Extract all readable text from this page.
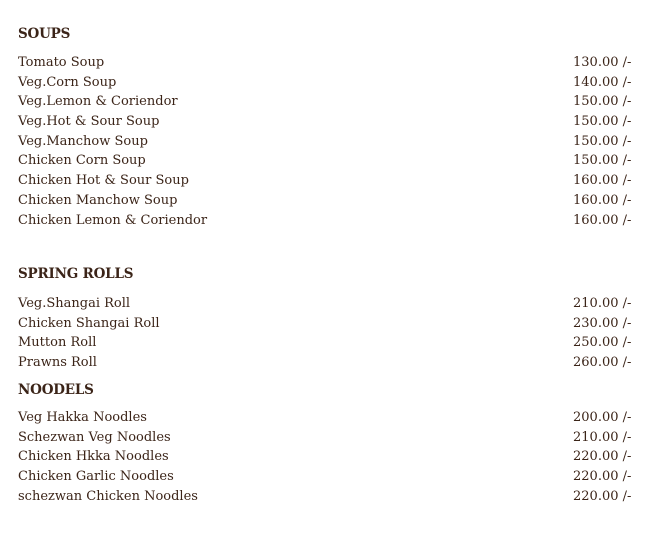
SOUPS
Tomato Soup	130.00 /-
Veg.Corn Soup	140.00 /-
Veg.Lemon & Coriendor	150.00 /-
Veg.Hot & Sour Soup	150.00 /-
Veg.Manchow Soup	150.00 /-
Chicken Corn Soup	150.00 /-
Chicken Hot & Sour Soup	160.00 /-
Chicken Manchow Soup	160.00 /-
Chicken Lemon & Coriendor	160.00 /-
SPRING ROLLS
Veg.Shangai Roll	210.00 /-
Chicken Shangai Roll	230.00 /-
Mutton Roll	250.00 /-
Prawns Roll	260.00 /-
NOODELS
Veg Hakka Noodles	200.00 /-
Schezwan Veg Noodles	210.00 /-
Chicken Hkka Noodles	220.00 /-
Chicken Garlic Noodles	220.00 /-
schezwan Chicken Noodles	220.00 /-
